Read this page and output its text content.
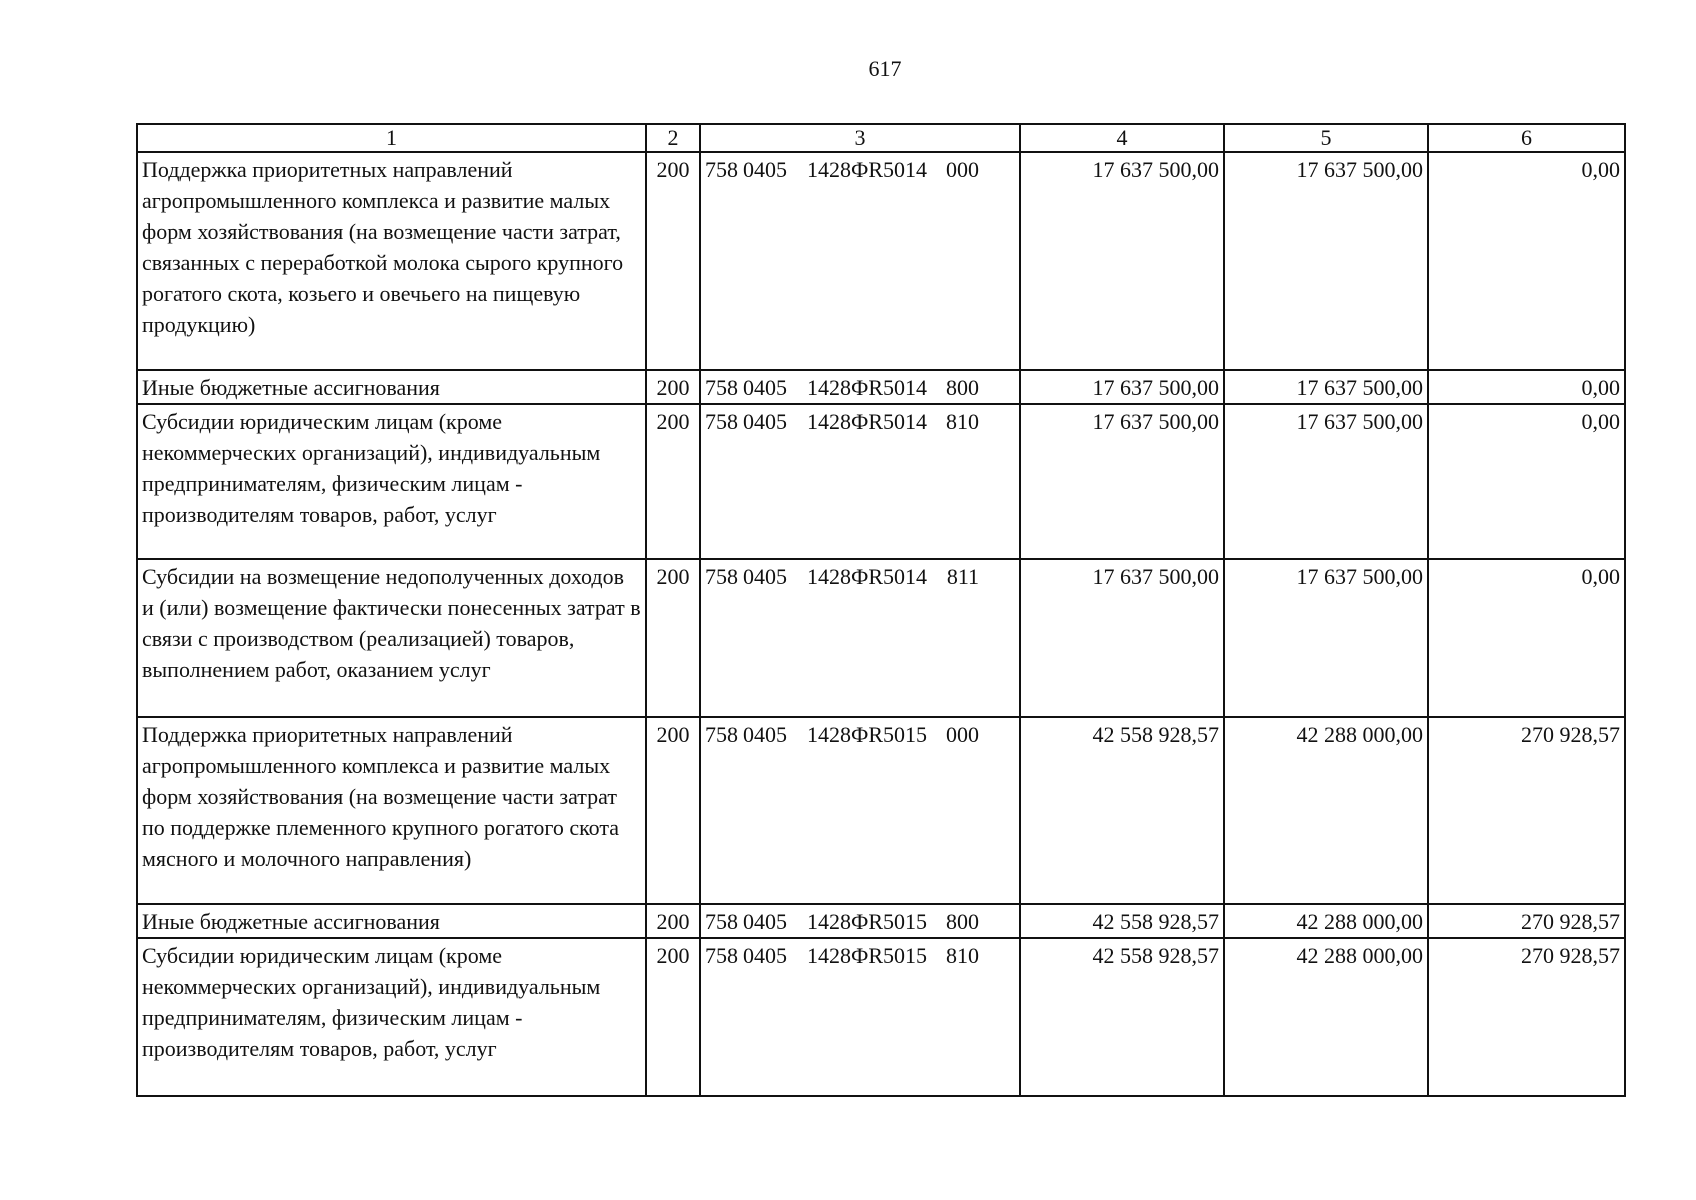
617
1	2	3	4	5	6
Поддержка приоритетных направлений агропромышленного комплекса и развитие малых форм хозяйствования (на возмещение части затрат, связанных с переработкой молока сырого крупного рогатого скота, козьего и овечьего на пищевую продукцию)	200	758 0405 1428ФR5014 000	17 637 500,00	17 637 500,00	0,00
Иные бюджетные ассигнования	200	758 0405 1428ФR5014 800	17 637 500,00	17 637 500,00	0,00
Субсидии юридическим лицам (кроме некоммерческих организаций), индивидуальным предпринимателям, физическим лицам - производителям товаров, работ, услуг	200	758 0405 1428ФR5014 810	17 637 500,00	17 637 500,00	0,00
Субсидии на возмещение недополученных доходов и (или) возмещение фактически понесенных затрат в связи с производством (реализацией) товаров, выполнением работ, оказанием услуг	200	758 0405 1428ФR5014 811	17 637 500,00	17 637 500,00	0,00
Поддержка приоритетных направлений агропромышленного комплекса и развитие малых форм хозяйствования (на возмещение части затрат по поддержке племенного крупного рогатого скота мясного и молочного направления)	200	758 0405 1428ФR5015 000	42 558 928,57	42 288 000,00	270 928,57
Иные бюджетные ассигнования	200	758 0405 1428ФR5015 800	42 558 928,57	42 288 000,00	270 928,57
Субсидии юридическим лицам (кроме некоммерческих организаций), индивидуальным предпринимателям, физическим лицам - производителям товаров, работ, услуг	200	758 0405 1428ФR5015 810	42 558 928,57	42 288 000,00	270 928,57
